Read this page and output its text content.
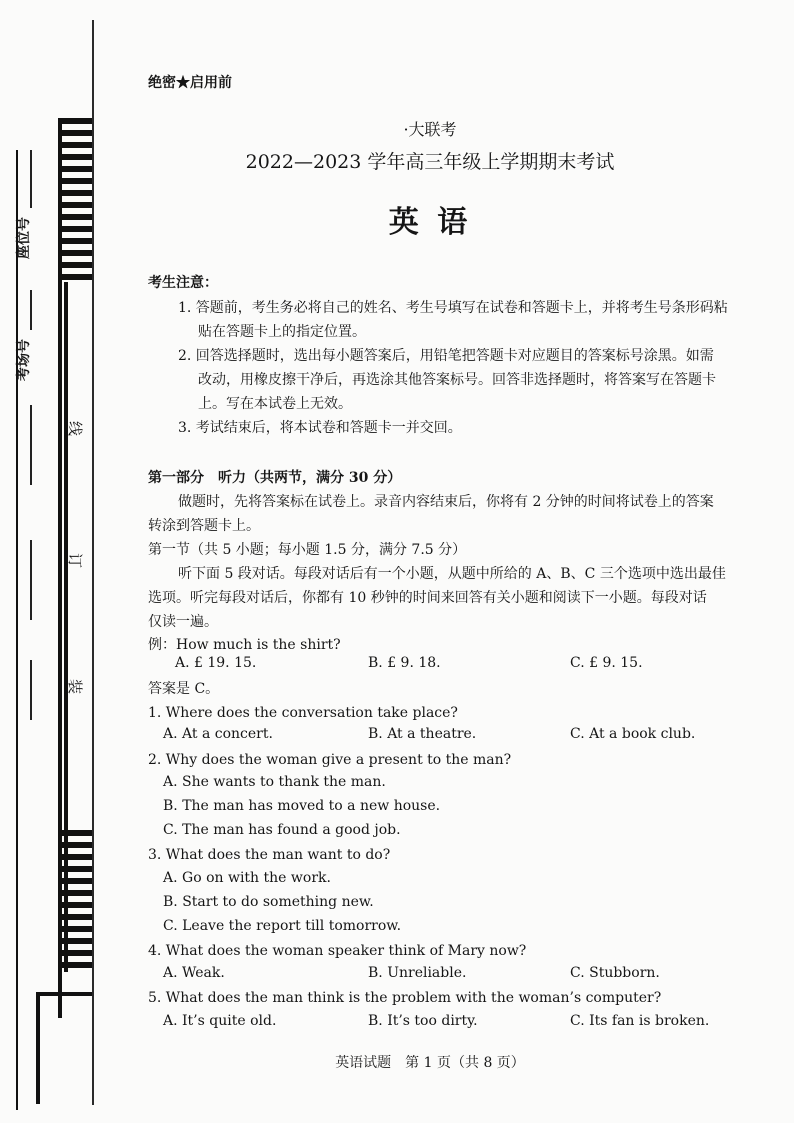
座位号
考场号
线
订
装
绝密★启用前
·大联考
2022—2023 学年高三年级上学期期末考试
英 语
考生注意：
1. 答题前，考生务必将自己的姓名、考生号填写在试卷和答题卡上，并将考生号条形码粘
贴在答题卡上的指定位置。
2. 回答选择题时，选出每小题答案后，用铅笔把答题卡对应题目的答案标号涂黑。如需
改动，用橡皮擦干净后，再选涂其他答案标号。回答非选择题时，将答案写在答题卡
上。写在本试卷上无效。
3. 考试结束后，将本试卷和答题卡一并交回。
第一部分　听力（共两节，满分 30 分）
做题时，先将答案标在试卷上。录音内容结束后，你将有 2 分钟的时间将试卷上的答案
转涂到答题卡上。
第一节（共 5 小题；每小题 1.5 分，满分 7.5 分）
听下面 5 段对话。每段对话后有一个小题，从题中所给的 A、B、C 三个选项中选出最佳
选项。听完每段对话后，你都有 10 秒钟的时间来回答有关小题和阅读下一小题。每段对话
仅读一遍。
例：How much is the shirt?
A. £ 19. 15.	B. £ 9. 18.	C. £ 9. 15.
答案是 C。
1. Where does the conversation take place?
A. At a concert.	B. At a theatre.	C. At a book club.
2. Why does the woman give a present to the man?
A. She wants to thank the man.
B. The man has moved to a new house.
C. The man has found a good job.
3. What does the man want to do?
A. Go on with the work.
B. Start to do something new.
C. Leave the report till tomorrow.
4. What does the woman speaker think of Mary now?
A. Weak.	B. Unreliable.	C. Stubborn.
5. What does the man think is the problem with the woman’s computer?
A. It’s quite old.	B. It’s too dirty.	C. Its fan is broken.
英语试题　第 1 页（共 8 页）
